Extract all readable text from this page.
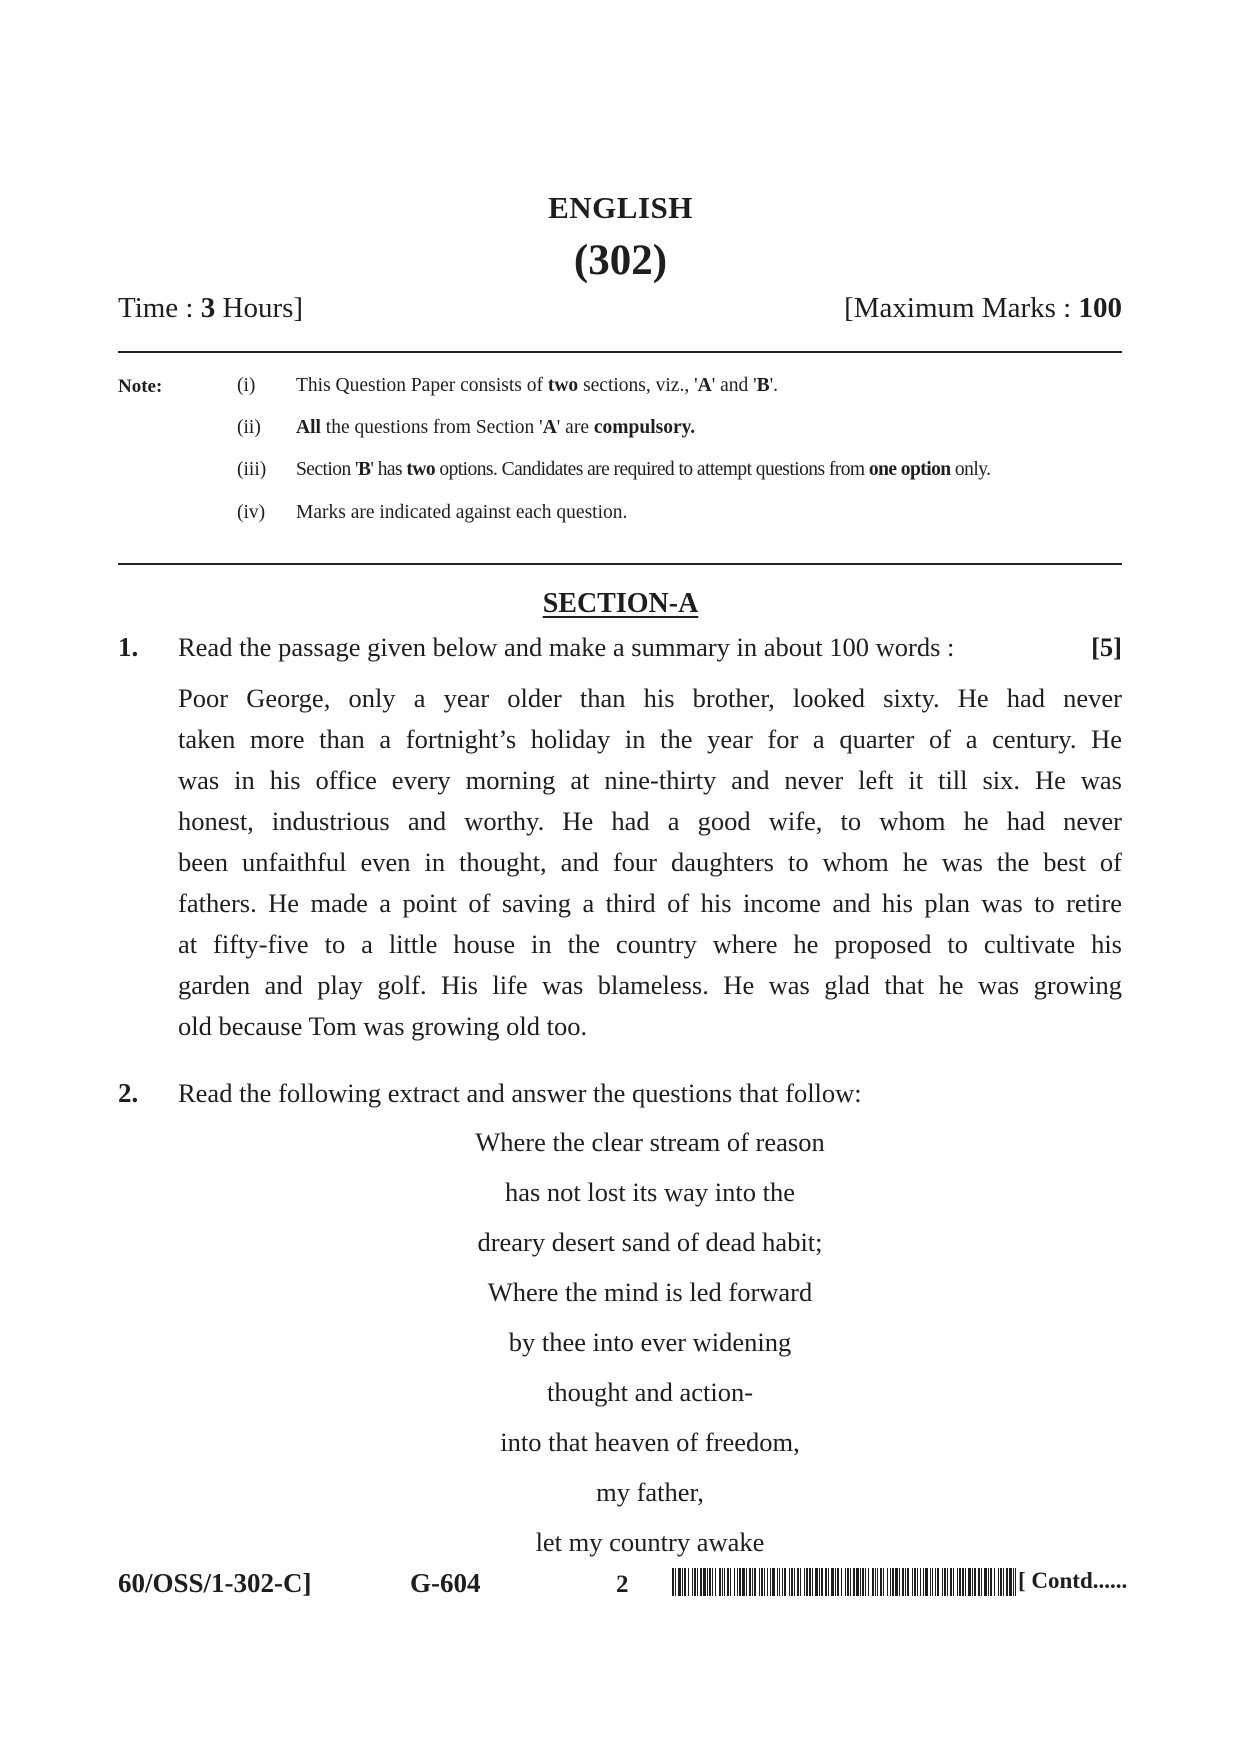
ENGLISH
(302)
Time : 3 Hours]	[Maximum Marks : 100
Note:	(i) This Question Paper consists of two sections, viz., 'A' and 'B'.
(ii) All the questions from Section 'A' are compulsory.
(iii) Section 'B' has two options. Candidates are required to attempt questions from one option only.
(iv) Marks are indicated against each question.
SECTION-A
1. Read the passage given below and make a summary in about 100 words :	[5]
Poor George, only a year older than his brother, looked sixty. He had never
taken more than a fortnight’s holiday in the year for a quarter of a century. He
was in his office every morning at nine-thirty and never left it till six. He was
honest, industrious and worthy. He had a good wife, to whom he had never
been unfaithful even in thought, and four daughters to whom he was the best of
fathers. He made a point of saving a third of his income and his plan was to retire
at fifty-five to a little house in the country where he proposed to cultivate his
garden and play golf. His life was blameless. He was glad that he was growing
old because Tom was growing old too.
2. Read the following extract and answer the questions that follow:
Where the clear stream of reason
has not lost its way into the
dreary desert sand of dead habit;
Where the mind is led forward
by thee into ever widening
thought and action-
into that heaven of freedom,
my father,
let my country awake
60/OSS/1-302-C]	G-604	2	[ Contd......
